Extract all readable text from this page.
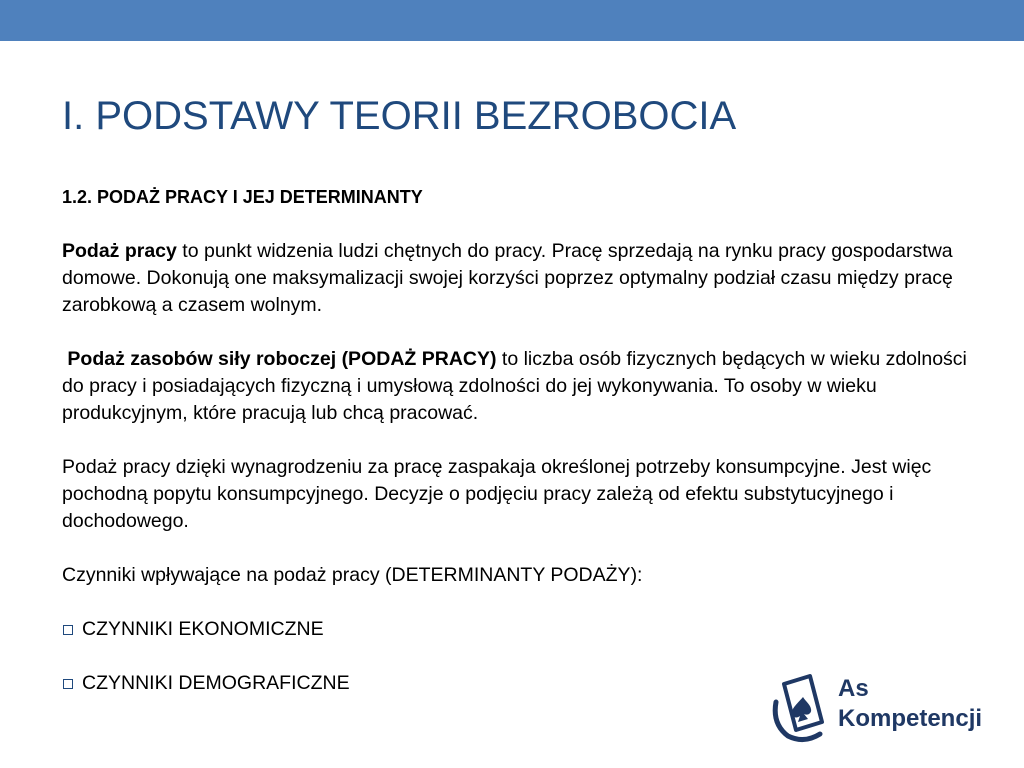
I. PODSTAWY TEORII BEZROBOCIA

1.2. PODAŻ PRACY I JEJ DETERMINANTY

Podaż pracy to punkt widzenia ludzi chętnych do pracy. Pracę sprzedają na rynku pracy gospodarstwa domowe. Dokonują one maksymalizacji swojej korzyści poprzez optymalny podział czasu między pracę zarobkową a czasem wolnym.

Podaż zasobów siły roboczej (PODAŻ PRACY) to liczba osób fizycznych będących w wieku zdolności do pracy i posiadających fizyczną i umysłową zdolności do jej wykonywania. To osoby w wieku produkcyjnym, które pracują lub chcą pracować.

Podaż pracy dzięki wynagrodzeniu za pracę zaspakaja określonej potrzeby konsumpcyjne. Jest więc pochodną popytu konsumpcyjnego. Decyzje o podjęciu pracy zależą od efektu substytucyjnego i dochodowego.

Czynniki wpływające na podaż pracy (DETERMINANTY PODAŻY):

CZYNNIKI EKONOMICZNE
CZYNNIKI DEMOGRAFICZNE	As
Kompetencji
